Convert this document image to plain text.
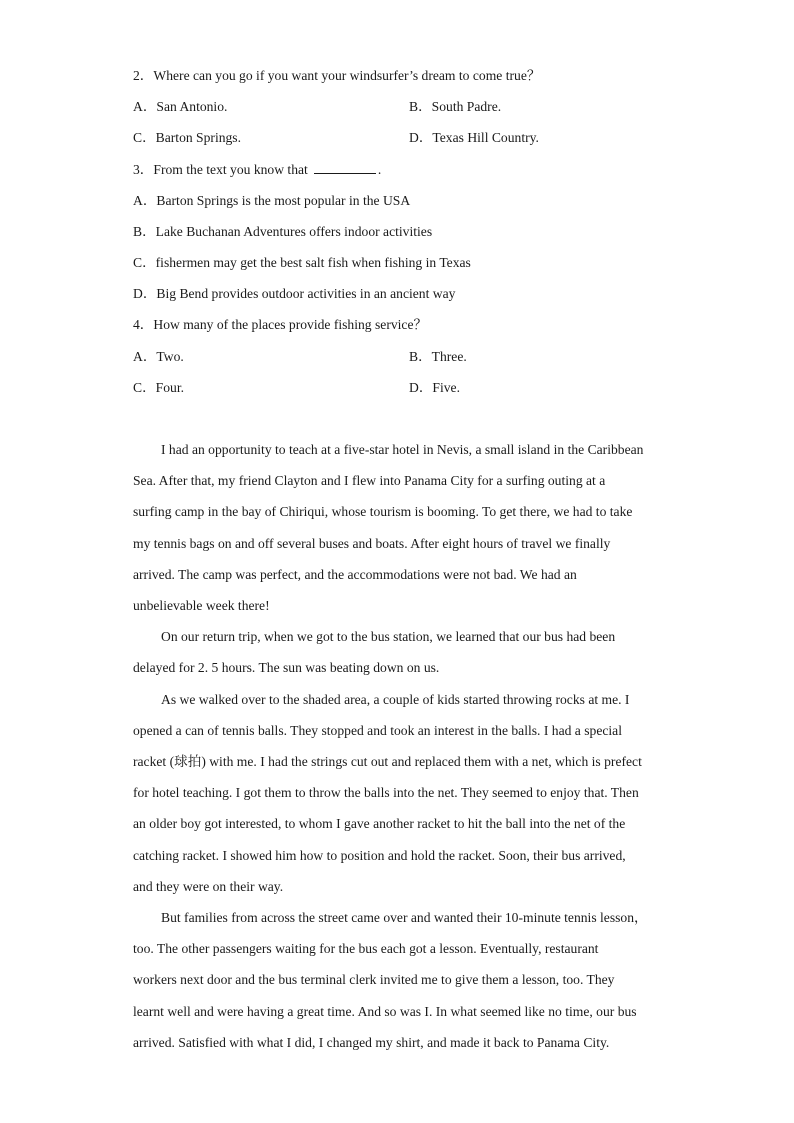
2．Where can you go if you want your windsurfer’s dream to come true？
A．San Antonio.	B．South Padre.
C．Barton Springs.	D．Texas Hill Country.
3．From the text you know that	.
A．Barton Springs is the most popular in the USA
B．Lake Buchanan Adventures offers indoor activities
C．fishermen may get the best salt fish when fishing in Texas
D．Big Bend provides outdoor activities in an ancient way
4．How many of the places provide fishing service？
A．Two.	B．Three.
C．Four.	D．Five.
I had an opportunity to teach at a five-star hotel in Nevis, a small island in the Caribbean
Sea. After that, my friend Clayton and I flew into Panama City for a surfing outing at a
surfing camp in the bay of Chiriqui, whose tourism is booming. To get there, we had to take
my tennis bags on and off several buses and boats. After eight hours of travel we finally
arrived. The camp was perfect, and the accommodations were not bad. We had an
unbelievable week there!
On our return trip, when we got to the bus station, we learned that our bus had been
delayed for 2. 5 hours. The sun was beating down on us.
As we walked over to the shaded area, a couple of kids started throwing rocks at me. I
opened a can of tennis balls. They stopped and took an interest in the balls. I had a special
racket (球拍) with me. I had the strings cut out and replaced them with a net, which is prefect
for hotel teaching. I got them to throw the balls into the net. They seemed to enjoy that. Then
an older boy got interested, to whom I gave another racket to hit the ball into the net of the
catching racket. I showed him how to position and hold the racket. Soon, their bus arrived,
and they were on their way.
But families from across the street came over and wanted their 10-minute tennis lesson，
too. The other passengers waiting for the bus each got a lesson. Eventually, restaurant
workers next door and the bus terminal clerk invited me to give them a lesson, too. They
learnt well and were having a great time. And so was I. In what seemed like no time, our bus
arrived. Satisfied with what I did, I changed my shirt, and made it back to Panama City.
